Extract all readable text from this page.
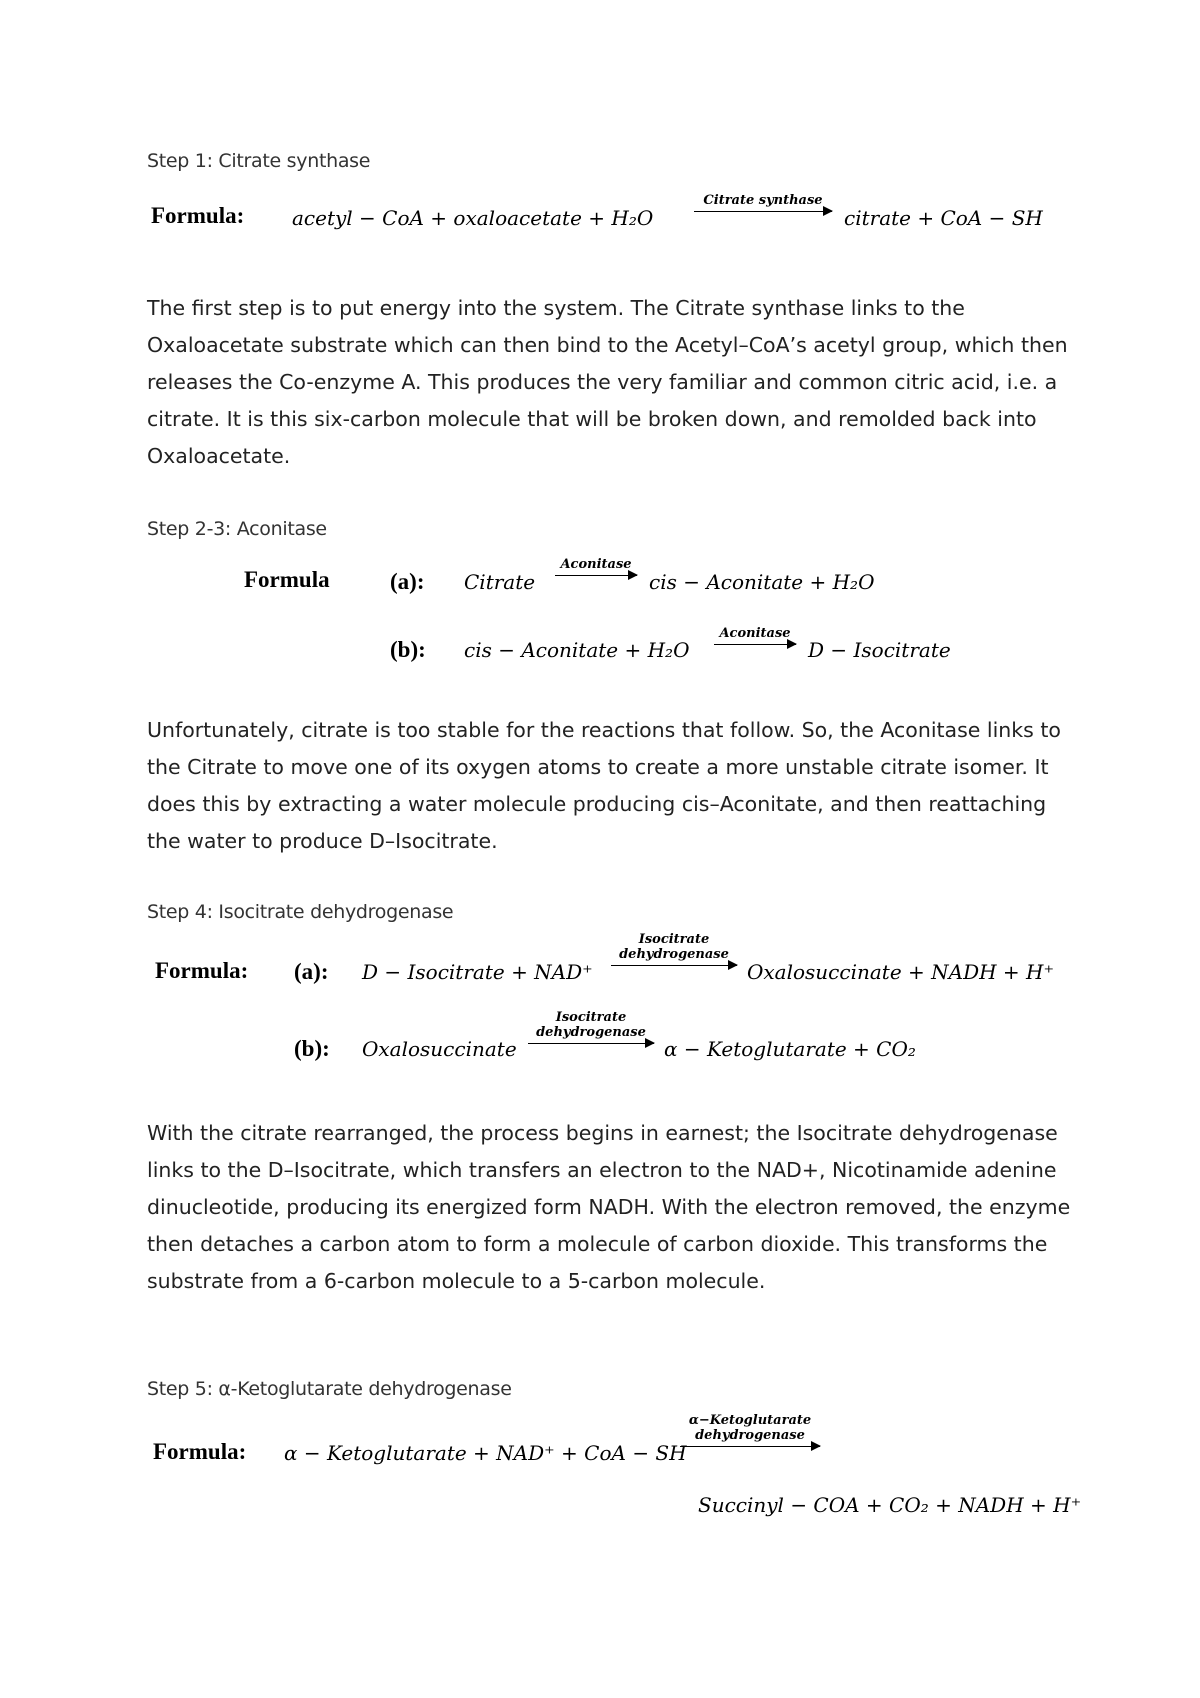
Step 1: Citrate synthase
Formula: acetyl − CoA + oxaloacetate + H₂O
Citrate synthase
citrate + CoA − SH
The first step is to put energy into the system. The Citrate synthase links to the Oxaloacetate substrate which can then bind to the Acetyl–CoA’s acetyl group, which then releases the Co-enzyme A. This produces the very familiar and common citric acid, i.e. a citrate. It is this six-carbon molecule that will be broken down, and remolded back into Oxaloacetate.
Step 2-3: Aconitase
Formula	(a): Citrate
Aconitase
cis − Aconitate + H₂O
(b): cis − Aconitate + H₂O
Aconitase
D − Isocitrate
Unfortunately, citrate is too stable for the reactions that follow. So, the Aconitase links to the Citrate to move one of its oxygen atoms to create a more unstable citrate isomer. It does this by extracting a water molecule producing cis–Aconitate, and then reattaching the water to produce D–Isocitrate.
Step 4: Isocitrate dehydrogenase
Formula: (a): D − Isocitrate + NAD⁺
Isocitrate
dehydrogenase
Oxalosuccinate + NADH + H⁺
(b): Oxalosuccinate
Isocitrate
dehydrogenase
α − Ketoglutarate + CO₂
With the citrate rearranged, the process begins in earnest; the Isocitrate dehydrogenase links to the D–Isocitrate, which transfers an electron to the NAD+, Nicotinamide adenine dinucleotide, producing its energized form NADH. With the electron removed, the enzyme then detaches a carbon atom to form a molecule of carbon dioxide. This transforms the substrate from a 6-carbon molecule to a 5-carbon molecule.
Step 5: α-Ketoglutarate dehydrogenase
Formula: α − Ketoglutarate + NAD⁺ + CoA − SH
α−Ketoglutarate
dehydrogenase
Succinyl − COA + CO₂ + NADH + H⁺
